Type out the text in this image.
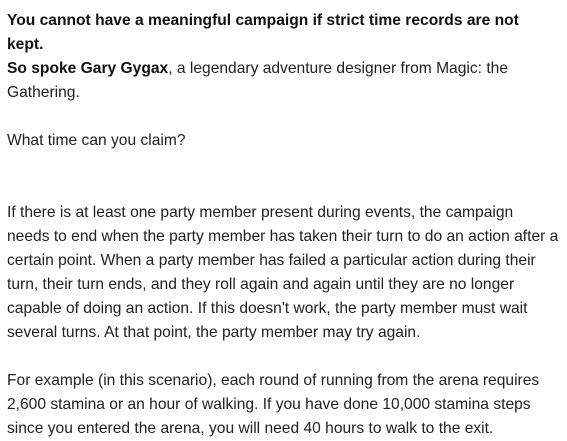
You cannot have a meaningful campaign if strict time records are not kept.
So spoke Gary Gygax, a legendary adventure designer from Magic: the Gathering.

What time can you claim?

If there is at least one party member present during events, the campaign needs to end when the party member has taken their turn to do an action after a certain point. When a party member has failed a particular action during their turn, their turn ends, and they roll again and again until they are no longer capable of doing an action. If this doesn't work, the party member must wait several turns. At that point, the party member may try again.

For example (in this scenario), each round of running from the arena requires 2,600 stamina or an hour of walking. If you have done 10,000 stamina steps since you entered the arena, you will need 40 hours to walk to the exit.
